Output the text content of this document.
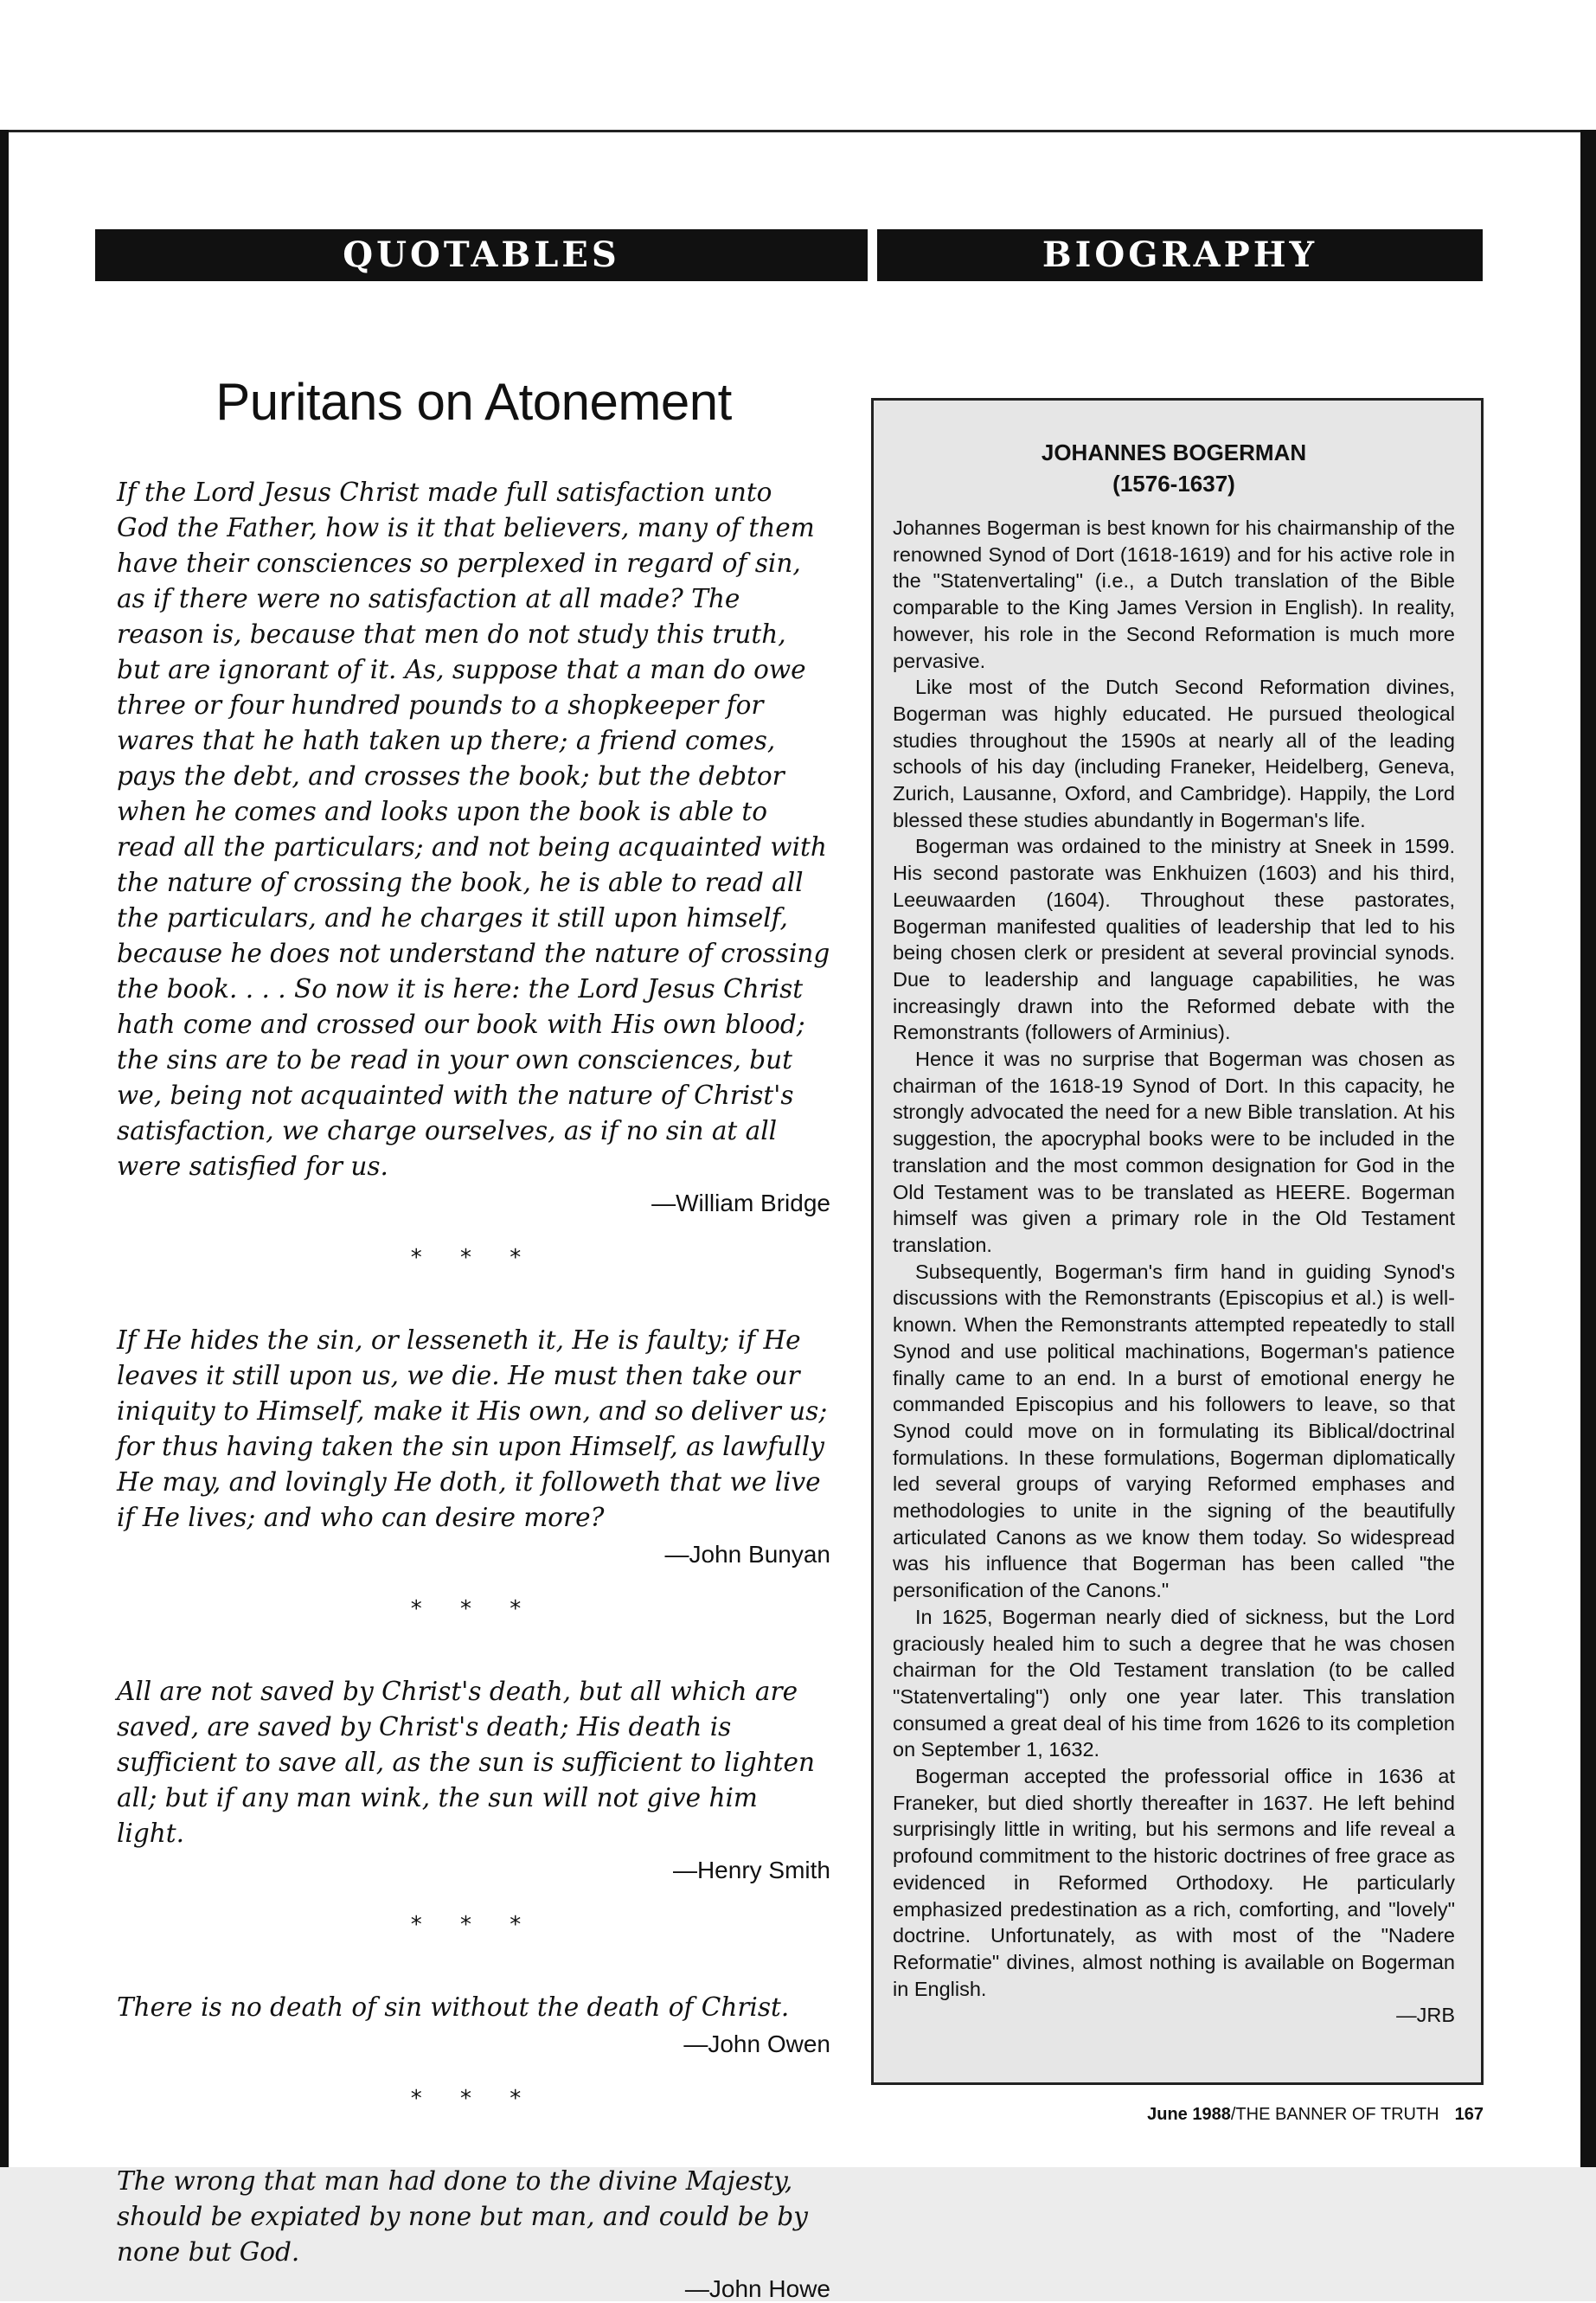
QUOTABLES	BIOGRAPHY
Puritans on Atonement

If the Lord Jesus Christ made full satisfaction unto God the Father, how is it that believers, many of them have their consciences so perplexed in regard of sin, as if there were no satisfaction at all made? The reason is, because that men do not study this truth, but are ignorant of it. As, suppose that a man do owe three or four hundred pounds to a shopkeeper for wares that he hath taken up there; a friend comes, pays the debt, and crosses the book; but the debtor when he comes and looks upon the book is able to read all the particulars; and not being acquainted with the nature of crossing the book, he is able to read all the particulars, and he charges it still upon himself, because he does not understand the nature of crossing the book. . . . So now it is here: the Lord Jesus Christ hath come and crossed our book with His own blood; the sins are to be read in your own consciences, but we, being not acquainted with the nature of Christ's satisfaction, we charge ourselves, as if no sin at all were satisfied for us.

—William Bridge

* * *

If He hides the sin, or lesseneth it, He is faulty; if He leaves it still upon us, we die. He must then take our iniquity to Himself, make it His own, and so deliver us; for thus having taken the sin upon Himself, as lawfully He may, and lovingly He doth, it followeth that we live if He lives; and who can desire more?

—John Bunyan

* * *

All are not saved by Christ's death, but all which are saved, are saved by Christ's death; His death is sufficient to save all, as the sun is sufficient to lighten all; but if any man wink, the sun will not give him light.

—Henry Smith

* * *

There is no death of sin without the death of Christ.

—John Owen

* * *

The wrong that man had done to the divine Majesty, should be expiated by none but man, and could be by none but God.

—John Howe

JOHANNES BOGERMAN

(1576-1637)

Johannes Bogerman is best known for his chairmanship of the renowned Synod of Dort (1618-1619) and for his active role in the "Statenvertaling" (i.e., a Dutch translation of the Bible comparable to the King James Version in English). In reality, however, his role in the Second Reformation is much more pervasive.

Like most of the Dutch Second Reformation divines, Bogerman was highly educated. He pursued theological studies throughout the 1590s at nearly all of the leading schools of his day (including Franeker, Heidelberg, Geneva, Zurich, Lausanne, Oxford, and Cambridge). Happily, the Lord blessed these studies abundantly in Bogerman's life.

Bogerman was ordained to the ministry at Sneek in 1599. His second pastorate was Enkhuizen (1603) and his third, Leeuwaarden (1604). Throughout these pastorates, Bogerman manifested qualities of leadership that led to his being chosen clerk or president at several provincial synods. Due to leadership and language capabilities, he was increasingly drawn into the Reformed debate with the Remonstrants (followers of Arminius).

Hence it was no surprise that Bogerman was chosen as chairman of the 1618-19 Synod of Dort. In this capacity, he strongly advocated the need for a new Bible translation. At his suggestion, the apocryphal books were to be included in the translation and the most common designation for God in the Old Testament was to be translated as HEERE. Bogerman himself was given a primary role in the Old Testament translation.

Subsequently, Bogerman's firm hand in guiding Synod's discussions with the Remonstrants (Episcopius et al.) is well-known. When the Remonstrants attempted repeatedly to stall Synod and use political machinations, Bogerman's patience finally came to an end. In a burst of emotional energy he commanded Episcopius and his followers to leave, so that Synod could move on in formulating its Biblical/doctrinal formulations. In these formulations, Bogerman diplomatically led several groups of varying Reformed emphases and methodologies to unite in the signing of the beautifully articulated Canons as we know them today. So widespread was his influence that Bogerman has been called "the personification of the Canons."

In 1625, Bogerman nearly died of sickness, but the Lord graciously healed him to such a degree that he was chosen chairman for the Old Testament translation (to be called "Statenvertaling") only one year later. This translation consumed a great deal of his time from 1626 to its completion on September 1, 1632.

Bogerman accepted the professorial office in 1636 at Franeker, but died shortly thereafter in 1637. He left behind surprisingly little in writing, but his sermons and life reveal a profound commitment to the historic doctrines of free grace as evidenced in Reformed Orthodoxy. He particularly emphasized predestination as a rich, comforting, and "lovely" doctrine. Unfortunately, as with most of the "Nadere Reformatie" divines, almost nothing is available on Bogerman in English.

—JRB

June 1988/THE BANNER OF TRUTH 167
